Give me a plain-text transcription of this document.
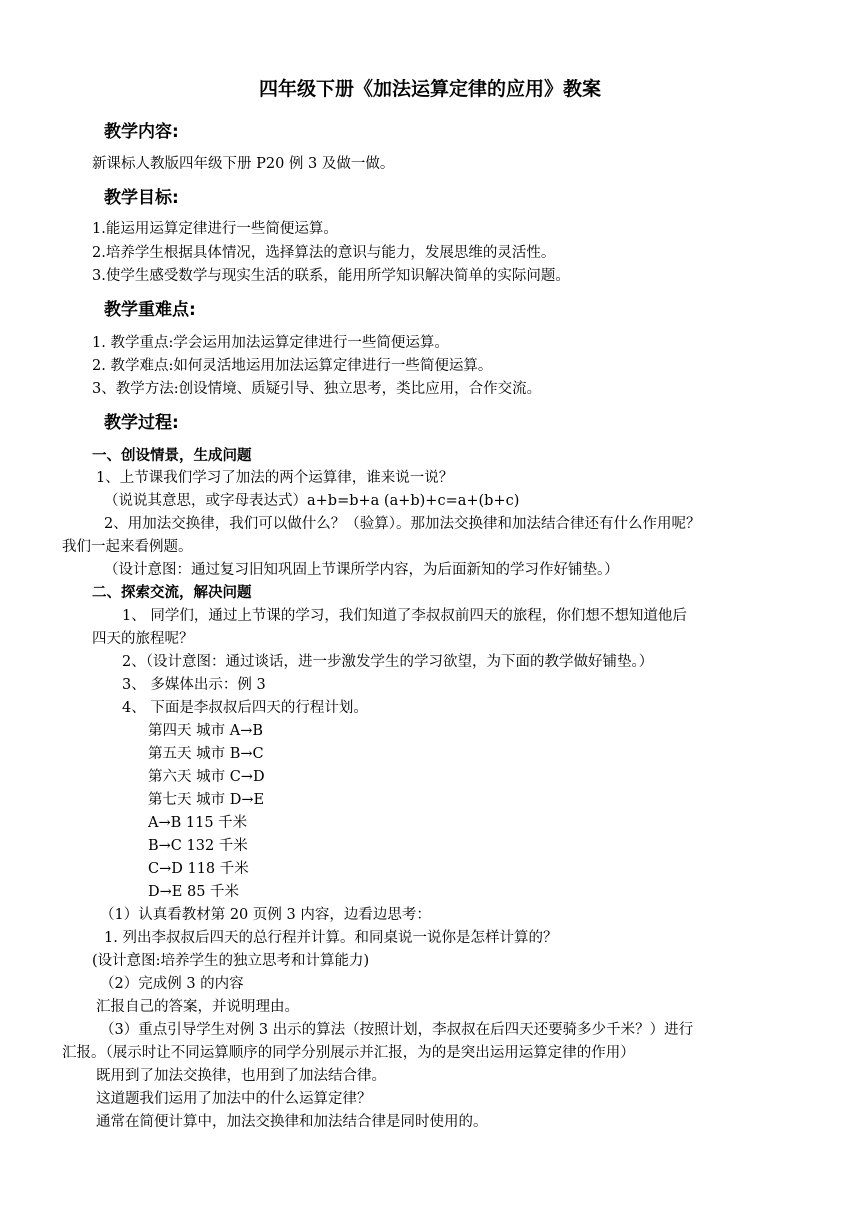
四年级下册《加法运算定律的应用》教案
教学内容:
新课标人教版四年级下册 P20 例 3 及做一做。
教学目标:
1.能运用运算定律进行一些简便运算。
2.培养学生根据具体情况，选择算法的意识与能力，发展思维的灵活性。
3.使学生感受数学与现实生活的联系，能用所学知识解决简单的实际问题。
教学重难点:
1. 教学重点:学会运用加法运算定律进行一些简便运算。
2. 教学难点:如何灵活地运用加法运算定律进行一些简便运算。
3、教学方法:创设情境、质疑引导、独立思考，类比应用，合作交流。
教学过程:
一、创设情景，生成问题
1、上节课我们学习了加法的两个运算律，谁来说一说？
（说说其意思，或字母表达式）a+b=b+a (a+b)+c=a+(b+c)
2、用加法交换律，我们可以做什么？（验算）。那加法交换律和加法结合律还有什么作用呢？
我们一起来看例题。
（设计意图：通过复习旧知巩固上节课所学内容，为后面新知的学习作好铺垫。）
二、探索交流，解决问题
1、 同学们，通过上节课的学习，我们知道了李叔叔前四天的旅程，你们想不想知道他后
四天的旅程呢？
2、（设计意图：通过谈话，进一步激发学生的学习欲望，为下面的教学做好铺垫。）
3、 多媒体出示：例 3
4、 下面是李叔叔后四天的行程计划。
第四天 城市 A→B
第五天 城市 B→C
第六天 城市 C→D
第七天 城市 D→E
A→B 115 千米
B→C 132 千米
C→D 118 千米
D→E 85 千米
（1）认真看教材第 20 页例 3 内容，边看边思考：
1. 列出李叔叔后四天的总行程并计算。和同桌说一说你是怎样计算的？
(设计意图:培养学生的独立思考和计算能力)
（2）完成例 3 的内容
汇报自己的答案，并说明理由。
（3）重点引导学生对例 3 出示的算法（按照计划，李叔叔在后四天还要骑多少千米？）进行
汇报。（展示时让不同运算顺序的同学分别展示并汇报，为的是突出运用运算定律的作用）
既用到了加法交换律，也用到了加法结合律。
这道题我们运用了加法中的什么运算定律？
通常在简便计算中，加法交换律和加法结合律是同时使用的。
